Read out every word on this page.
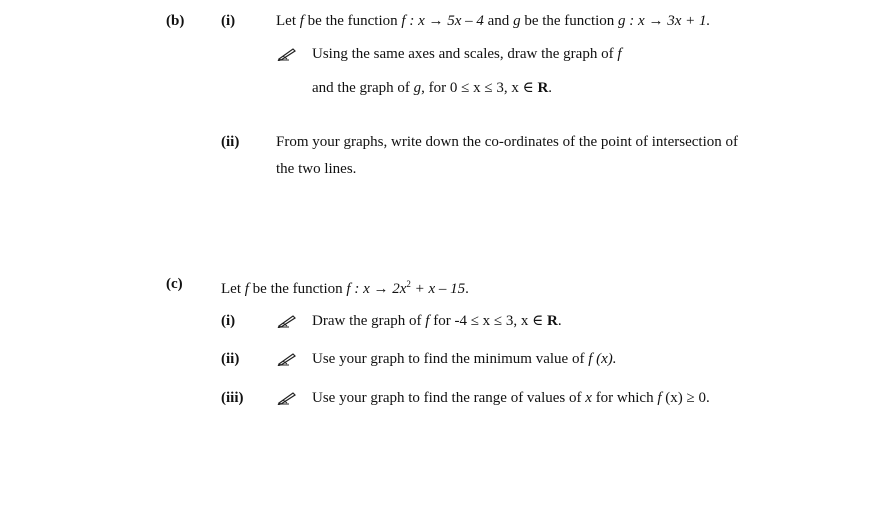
(b) (i)	Let f be the function f : x → 5x – 4 and g be the function g : x → 3x + 1.
Using the same axes and scales, draw the graph of f
and the graph of g, for 0 ≤ x ≤ 3, x ∈ R.
(ii) From your graphs, write down the co-ordinates of the point of intersection of
the two lines.
(c)	Let f be the function f : $x \to 2x^2 + x - 15$.
(i)	Draw the graph of f for -4 ≤ x ≤ 3, x ∈ R.
(ii)	Use your graph to find the minimum value of f (x).
(iii)	Use your graph to find the range of values of x for which f (x) ≥ 0.
